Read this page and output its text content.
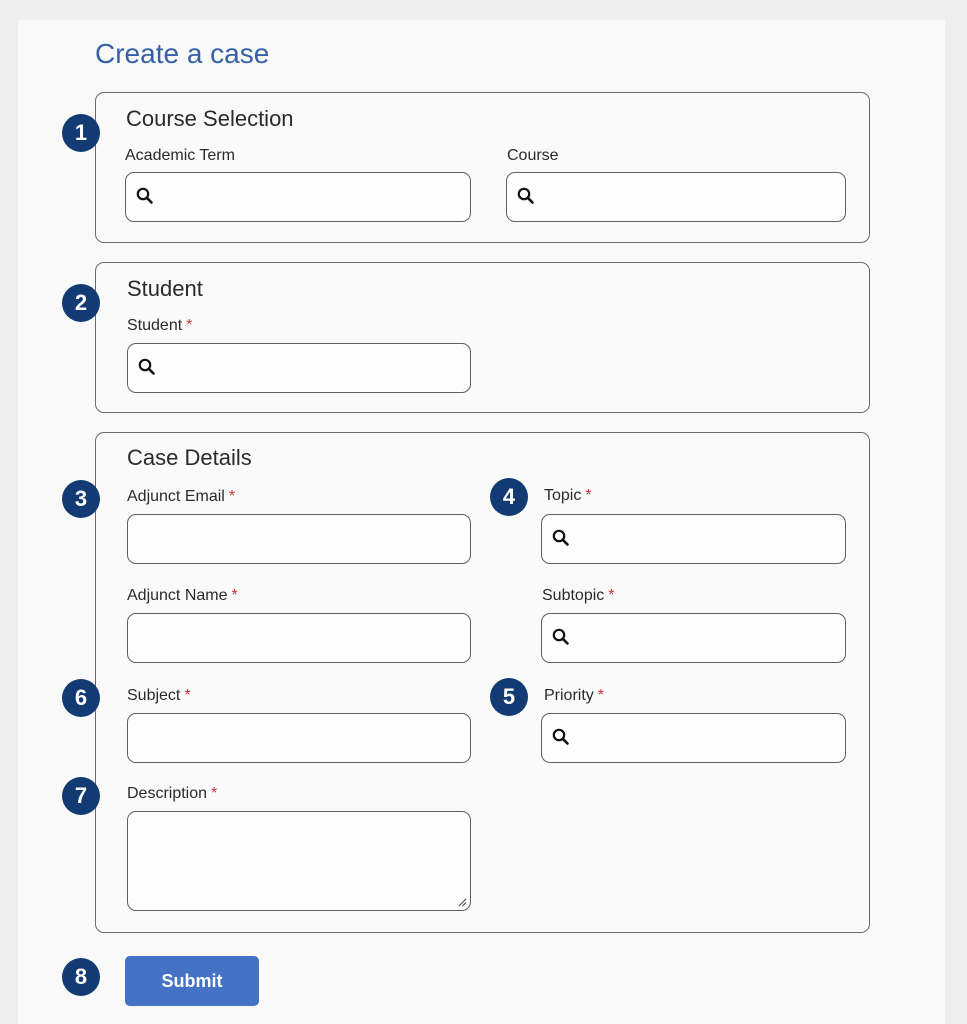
Create a case
Course Selection
Academic Term	Course
Student
Student *
Case Details
Adjunct Email *	Topic *
Adjunct Name *	Subtopic *
Subject *	Priority *
Description *
1
2
3	4
5
6
7
8	Submit
